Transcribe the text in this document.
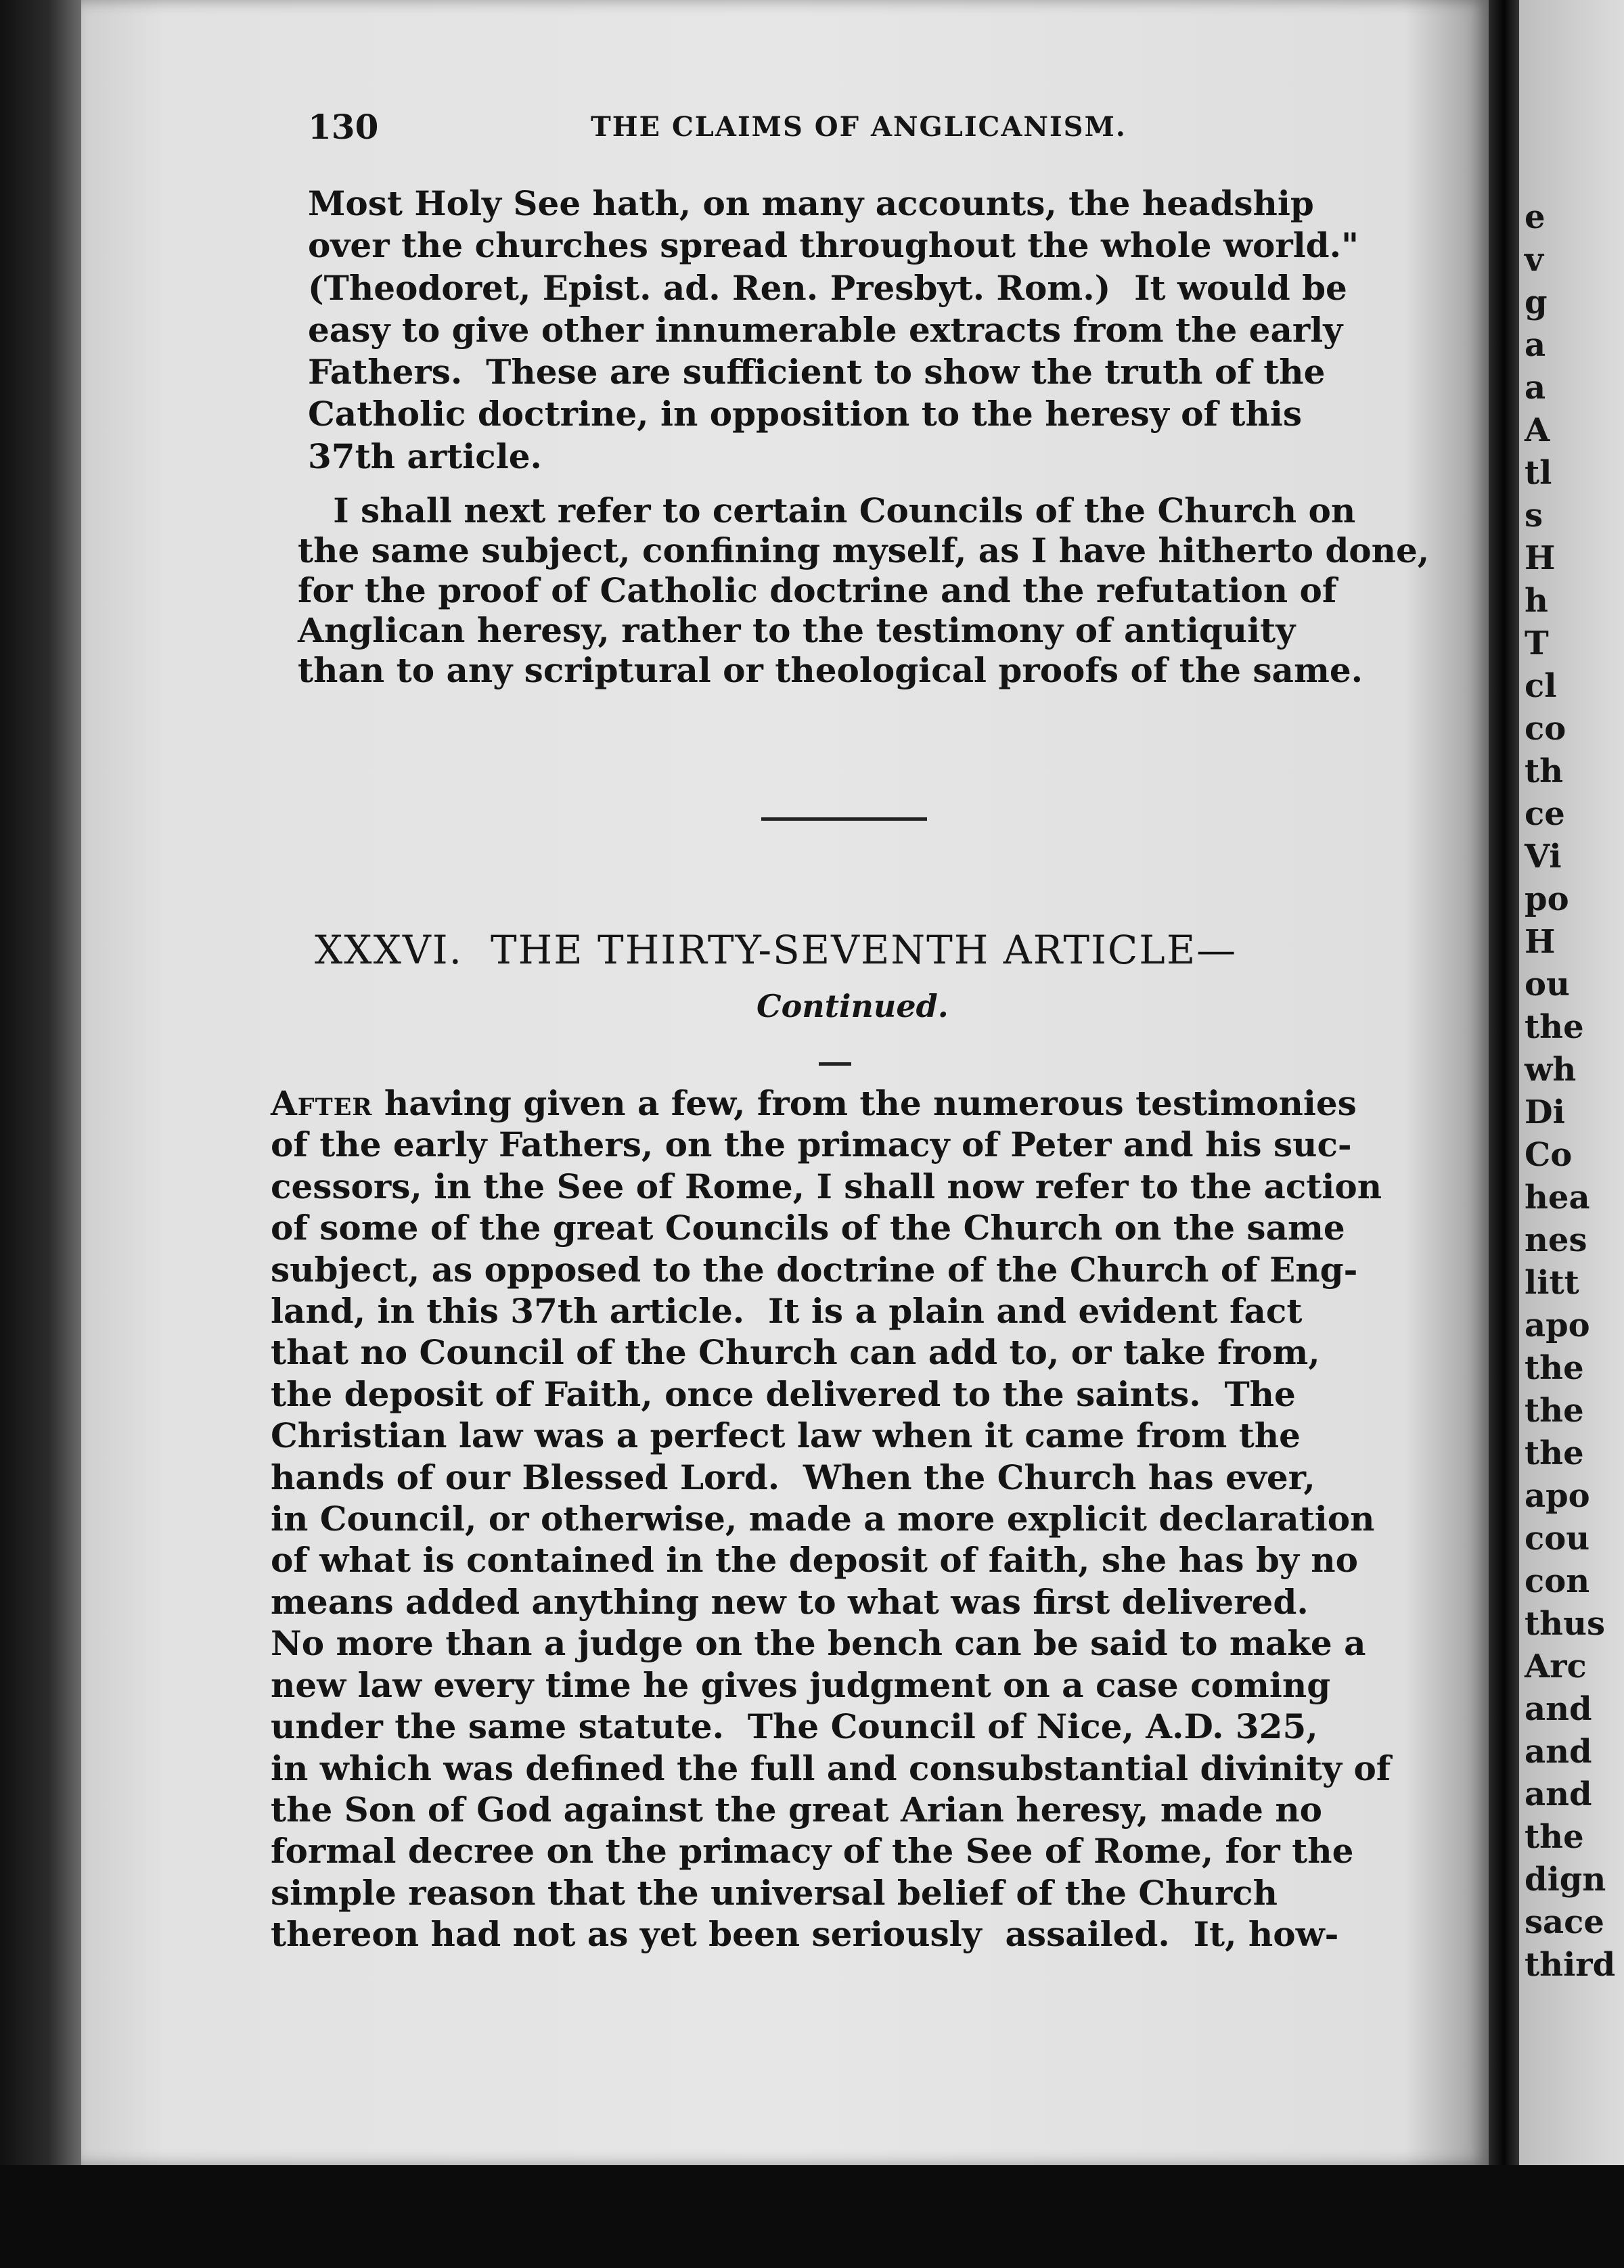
130	THE CLAIMS OF ANGLICANISM.
Most Holy See hath, on many accounts, the headship
over the churches spread throughout the whole world."
(Theodoret, Epist. ad. Ren. Presbyt. Rom.)  It would be
easy to give other innumerable extracts from the early
Fathers.  These are sufficient to show the truth of the
Catholic doctrine, in opposition to the heresy of this
37th article.
I shall next refer to certain Councils of the Church on
the same subject, confining myself, as I have hitherto done,
for the proof of Catholic doctrine and the refutation of
Anglican heresy, rather to the testimony of antiquity
than to any scriptural or theological proofs of the same.
XXXVI.  THE THIRTY-SEVENTH ARTICLE—
Continued.
After having given a few, from the numerous testimonies
of the early Fathers, on the primacy of Peter and his suc-
cessors, in the See of Rome, I shall now refer to the action
of some of the great Councils of the Church on the same
subject, as opposed to the doctrine of the Church of Eng-
land, in this 37th article.  It is a plain and evident fact
that no Council of the Church can add to, or take from,
the deposit of Faith, once delivered to the saints.  The
Christian law was a perfect law when it came from the
hands of our Blessed Lord.  When the Church has ever,
in Council, or otherwise, made a more explicit declaration
of what is contained in the deposit of faith, she has by no
means added anything new to what was first delivered.
No more than a judge on the bench can be said to make a
new law every time he gives judgment on a case coming
under the same statute.  The Council of Nice, A.D. 325,
in which was defined the full and consubstantial divinity of
the Son of God against the great Arian heresy, made no
formal decree on the primacy of the See of Rome, for the
simple reason that the universal belief of the Church
thereon had not as yet been seriously  assailed.  It, how-
e
v
g
a
a
A
tl
s
H
h
T
cl
co
th
ce
Vi
po
H
ou
the
wh
Di
Co
hea
nes
litt
apo
the
the
the
apo
cou
con
thus
Arc
and
and
and
the
dign
sace
third
